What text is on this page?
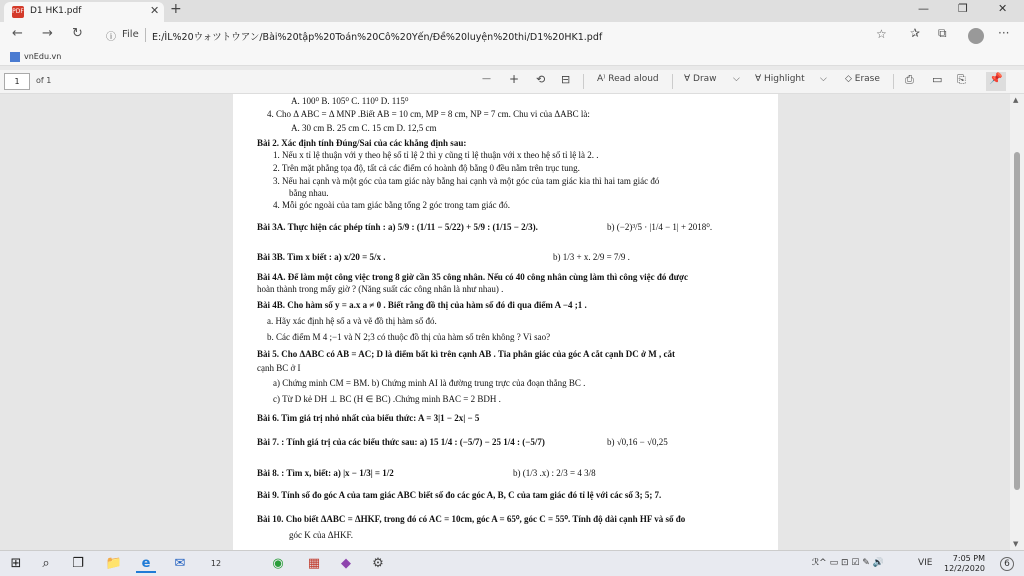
PDF D1 HK1.pdf	✕ +	—	❐	✕
← → ↻ ⓘ File E:/ÌL%20ウォツトウアン/Bài%20tập%20Toán%20Cô%20Yến/Đề%20luyện%20thi/D1%20HK1.pdf	☆ ✰ ⧉	···
vnEdu.vn
1	of 1	— + ⟲ ⊟	A⁾ Read aloud	∀ Draw ⌵ ∀ Highlight ⌵ ◇ Erase ⎙ ▭ ⎘ 📌
A. 100⁰ B. 105⁰ C. 110⁰ D. 115⁰
4. Cho Δ ABC = Δ MNP .Biết AB = 10 cm, MP = 8 cm, NP = 7 cm. Chu vi của ΔABC là:
A. 30 cm B. 25 cm C. 15 cm D. 12,5 cm
Bài 2. Xác định tính Đúng/Sai của các khẳng định sau:
1. Nếu x tỉ lệ thuận với y theo hệ số tỉ lệ 2 thì y cũng tỉ lệ thuận với x theo hệ số tỉ lệ là 2. .
2. Trên mặt phẳng tọa độ, tất cả các điểm có hoành độ bằng 0 đều nằm trên trục tung.
3. Nếu hai cạnh và một góc của tam giác này bằng hai cạnh và một góc của tam giác kia thì hai tam giác đó
bằng nhau.
4. Mỗi góc ngoài của tam giác bằng tổng 2 góc trong tam giác đó.
Bài 3A. Thực hiện các phép tính : a) 5/9 : (1/11 − 5/22) + 5/9 : (1/15 − 2/3).	b) (−2)³/5 · |1/4 − 1| + 2018⁰.
Bài 3B. Tìm x biết : a) x/20 = 5/x .	b) 1/3 + x. 2/9 = 7/9 .
Bài 4A. Để làm một công việc trong 8 giờ cần 35 công nhân. Nếu có 40 công nhân cùng làm thì công việc đó được
hoàn thành trong mấy giờ ? (Năng suất các công nhân là như nhau) .
Bài 4B. Cho hàm số y = a.x a ≠ 0 . Biết rằng đồ thị của hàm số đó đi qua điểm A −4 ;1 .
a. Hãy xác định hệ số a và vẽ đồ thị hàm số đó.
b. Các điểm M 4 ;−1 và N 2;3 có thuộc đồ thị của hàm số trên không ? Vì sao?
Bài 5. Cho ΔABC có AB = AC; D là điểm bất kì trên cạnh AB . Tia phân giác của góc A cắt cạnh DC ở M , cắt
cạnh BC ở I
a) Chứng minh CM = BM. b) Chứng minh AI là đường trung trực của đoạn thẳng BC .
c) Từ D kẻ DH ⊥ BC (H ∈ BC) .Chứng minh BAC = 2 BDH .
Bài 6. Tìm giá trị nhỏ nhất của biểu thức: A = 3|1 − 2x| − 5
Bài 7. : Tính giá trị của các biểu thức sau: a) 15 1/4 : (−5/7) − 25 1/4 : (−5/7)	b) √0,16 − √0,25
Bài 8. : Tìm x, biết: a) |x − 1/3| = 1/2	b) (1/3 .x) : 2/3 = 4 3/8
Bài 9. Tính số đo góc A của tam giác ABC biết số đo các góc A, B, C của tam giác đó tỉ lệ với các số 3; 5; 7.
Bài 10. Cho biết ΔABC = ΔHKF, trong đó có AC = 10cm, góc A = 65⁰, góc C = 55⁰. Tính độ dài cạnh HF và số đo
góc K của ΔHKF.
▲
▼
⊞	⌕	❐	📁	e	✉	12	◉	▦	◆	⚙	ℛ^ ▭ ⊡ ☑ ✎ 🔊	VIE	7:05 PM
12/2/2020	6
